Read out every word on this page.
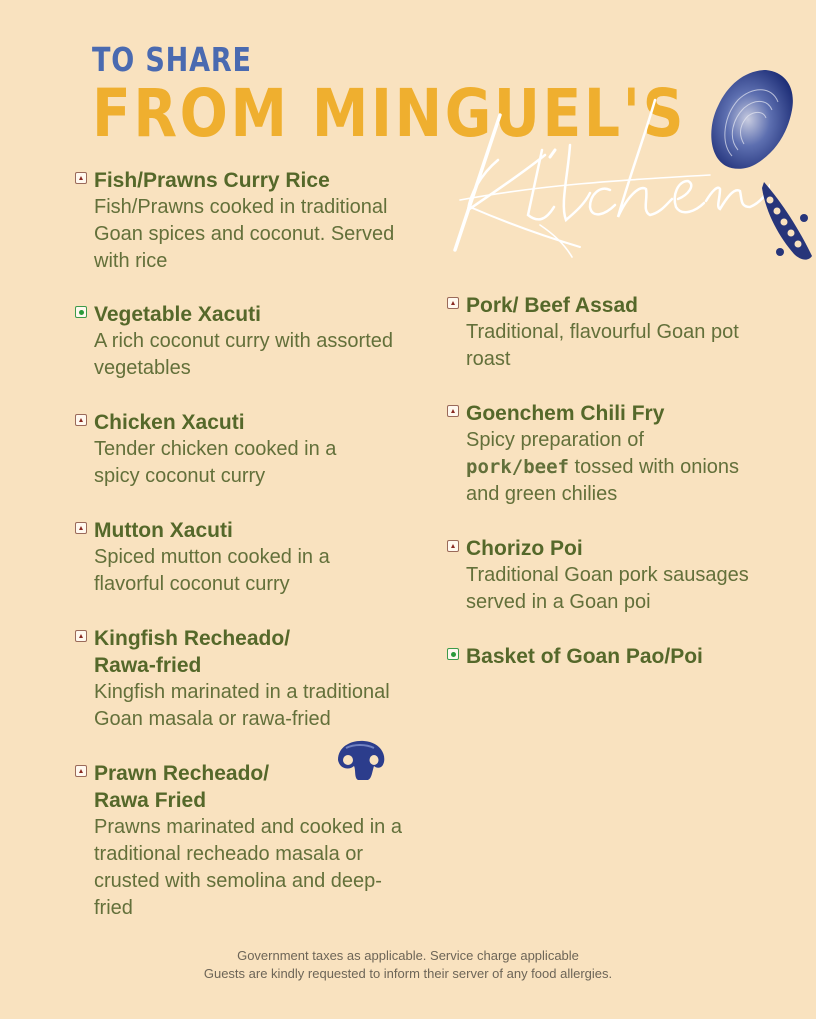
TO SHARE
FROM MINGUEL'S
Fish/Prawns Curry Rice
Fish/Prawns cooked in traditional
Goan spices and coconut. Served
with rice
Vegetable Xacuti
A rich coconut curry with assorted
vegetables
Chicken Xacuti
Tender chicken cooked in a
spicy coconut curry
Mutton Xacuti
Spiced mutton cooked in a
flavorful coconut curry
Kingfish Recheado/
Rawa-fried
Kingfish marinated in a traditional
Goan masala or rawa-fried
Prawn Recheado/
Rawa Fried
Prawns marinated and cooked in a
traditional recheado masala or
crusted with semolina and deep-
fried
Pork/ Beef Assad
Traditional, flavourful Goan pot
roast
Goenchem Chili Fry
Spicy preparation of
pork/beef tossed with onions
and green chilies
Chorizo Poi
Traditional Goan pork sausages
served in a Goan poi
Basket of Goan Pao/Poi
Government taxes as applicable. Service charge applicable
Guests are kindly requested to inform their server of any food allergies.
